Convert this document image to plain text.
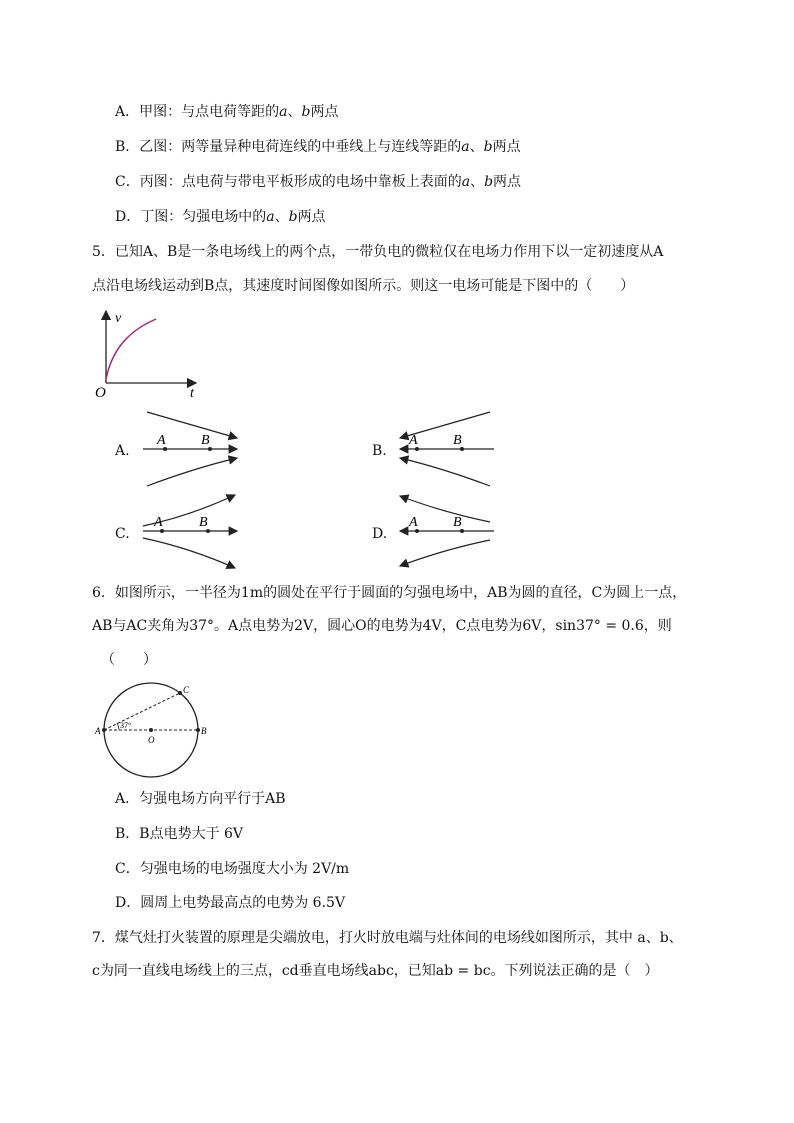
A．甲图：与点电荷等距的a、b两点
B．乙图：两等量异种电荷连线的中垂线上与连线等距的a、b两点
C．丙图：点电荷与带电平板形成的电场中靠板上表面的a、b两点
D．丁图：匀强电场中的a、b两点
5．已知A、B是一条电场线上的两个点，一带负电的微粒仅在电场力作用下以一定初速度从A
点沿电场线运动到B点，其速度时间图像如图所示。则这一电场可能是下图中的（　　）
v
t
O
A.
A	B
B.
A	B
C.
A	B
D.
A	B
6．如图所示，一半径为1m的圆处在平行于圆面的匀强电场中，AB为圆的直径，C为圆上一点，
AB与AC夹角为37°。A点电势为2V，圆心O的电势为4V，C点电势为6V，sin37° = 0.6，则
（　　）
A	B
O
C
37°
A．匀强电场方向平行于AB
B．B点电势大于 6V
C．匀强电场的电场强度大小为 2V/m
D．圆周上电势最高点的电势为 6.5V
7．煤气灶打火装置的原理是尖端放电，打火时放电端与灶体间的电场线如图所示，其中 a、b、
c为同一直线电场线上的三点，cd垂直电场线abc，已知ab = bc。下列说法正确的是（　）
